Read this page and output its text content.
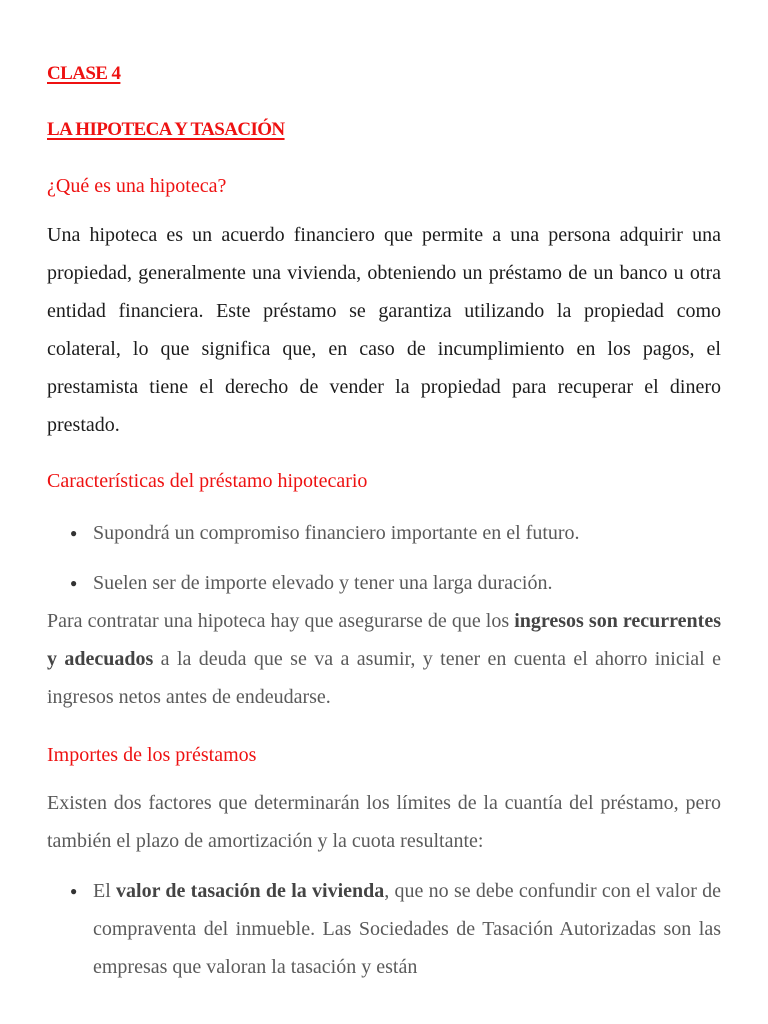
CLASE 4
LA HIPOTECA Y TASACIÓN
¿Qué es una hipoteca?
Una hipoteca es un acuerdo financiero que permite a una persona adquirir una propiedad, generalmente una vivienda, obteniendo un préstamo de un banco u otra entidad financiera. Este préstamo se garantiza utilizando la propiedad como colateral, lo que significa que, en caso de incumplimiento en los pagos, el prestamista tiene el derecho de vender la propiedad para recuperar el dinero prestado.
Características del préstamo hipotecario
● Supondrá un compromiso financiero importante en el futuro.
● Suelen ser de importe elevado y tener una larga duración.
Para contratar una hipoteca hay que asegurarse de que los ingresos son recurrentes y adecuados a la deuda que se va a asumir, y tener en cuenta el ahorro inicial e ingresos netos antes de endeudarse.
Importes de los préstamos
Existen dos factores que determinarán los límites de la cuantía del préstamo, pero también el plazo de amortización y la cuota resultante:
● El valor de tasación de la vivienda, que no se debe confundir con el valor de compraventa del inmueble. Las Sociedades de Tasación Autorizadas son las empresas que valoran la tasación y están
